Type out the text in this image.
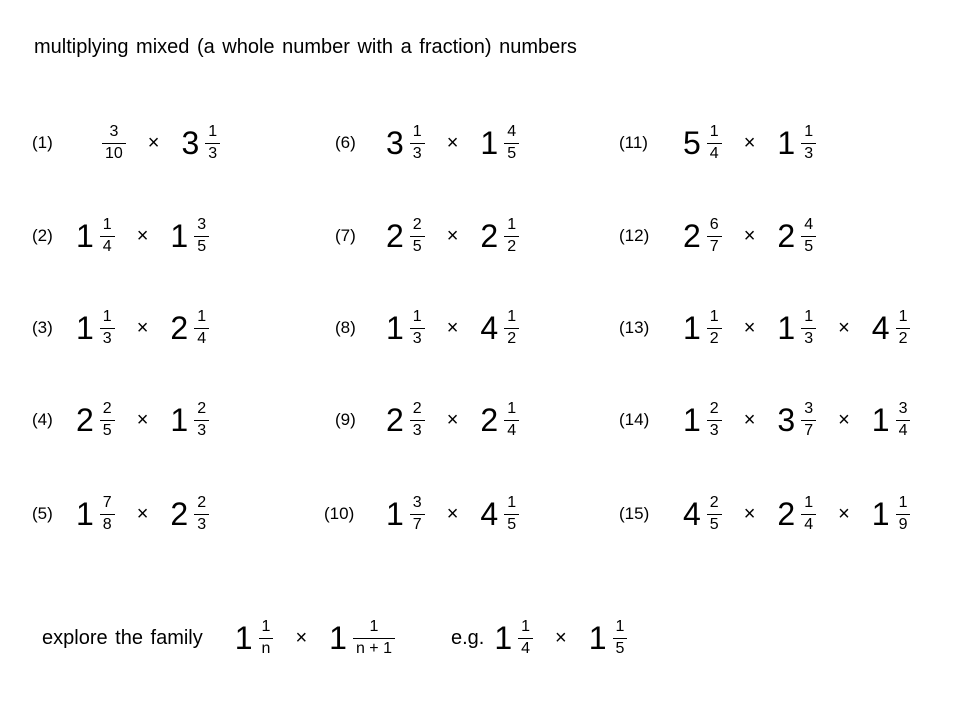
multiplying mixed (a whole number with a fraction) numbers
(1)	$\frac{3}{10} \times 3 \frac{1}{3}$
(2) $1 \frac{1}{4} \times 1 \frac{3}{5}$
(3) $1 \frac{1}{3} \times 2 \frac{1}{4}$
(4) $2 \frac{2}{5} \times 1 \frac{2}{3}$
(5) $1 \frac{7}{8} \times 2 \frac{2}{3}$
(6) $3 \frac{1}{3} \times 1 \frac{4}{5}$
(7) $2 \frac{2}{5} \times 2 \frac{1}{2}$
(8) $1 \frac{1}{3} \times 4 \frac{1}{2}$
(9) $2 \frac{2}{3} \times 2 \frac{1}{4}$
(10) $1 \frac{3}{7} \times 4 \frac{1}{5}$
(11) $5 \frac{1}{4} \times 1 \frac{1}{3}$
(12) $2 \frac{6}{7} \times 2 \frac{4}{5}$
(13) $1 \frac{1}{2} \times 1 \frac{1}{3} \times 4 \frac{1}{2}$
(14) $1 \frac{2}{3} \times 3 \frac{3}{7} \times 1 \frac{3}{4}$
(15) $4 \frac{2}{5} \times 2 \frac{1}{4} \times 1 \frac{1}{9}$
explore the family $1 \frac{1}{n} \times 1 \frac{1}{n + 1}$	e.g. $1 \frac{1}{4} \times 1 \frac{1}{5}$
